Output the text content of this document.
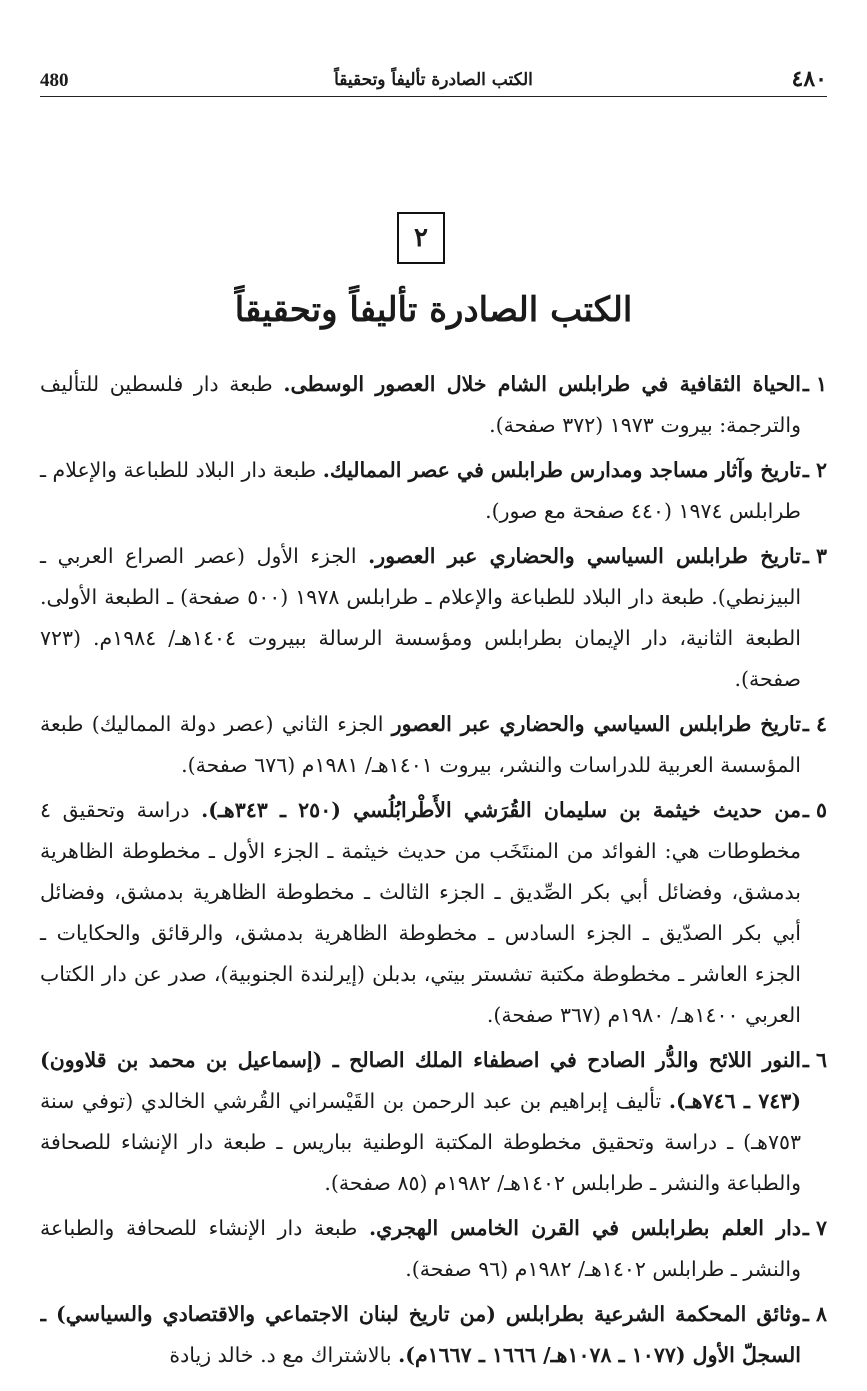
480	الكتب الصادرة تأليفاً وتحقيقاً	٤٨٠
٢
الكتب الصادرة تأليفاً وتحقيقاً

١ ـ
الحياة الثقافية في طرابلس الشام خلال العصور الوسطى. طبعة دار فلسطين للتأليف والترجمة: بيروت ١٩٧٣ (٣٧٢ صفحة).

٢ ـ
تاريخ وآثار مساجد ومدارس طرابلس في عصر المماليك. طبعة دار البلاد للطباعة والإعلام ـ طرابلس ١٩٧٤ (٤٤٠ صفحة مع صور).

٣ ـ
تاريخ طرابلس السياسي والحضاري عبر العصور. الجزء الأول (عصر الصراع العربي ـ البيزنطي). طبعة دار البلاد للطباعة والإعلام ـ طرابلس ١٩٧٨ (٥٠٠ صفحة) ـ الطبعة الأولى. الطبعة الثانية، دار الإيمان بطرابلس ومؤسسة الرسالة ببيروت ١٤٠٤هـ/ ١٩٨٤م. (٧٢٣ صفحة).

٤ ـ
تاريخ طرابلس السياسي والحضاري عبر العصور الجزء الثاني (عصر دولة المماليك) طبعة المؤسسة العربية للدراسات والنشر، بيروت ١٤٠١هـ/ ١٩٨١م (٦٧٦ صفحة).

٥ ـ
من حديث خيثمة بن سليمان القُرَشي الأَطْرابُلُسي (٢٥٠ ـ ٣٤٣هـ). دراسة وتحقيق ٤ مخطوطات هي: الفوائد من المنتَخَب من حديث خيثمة ـ الجزء الأول ـ مخطوطة الظاهرية بدمشق، وفضائل أبي بكر الصِّديق ـ الجزء الثالث ـ مخطوطة الظاهرية بدمشق، وفضائل أبي بكر الصدّيق ـ الجزء السادس ـ مخطوطة الظاهرية بدمشق، والرقائق والحكايات ـ الجزء العاشر ـ مخطوطة مكتبة تشستر بيتي، بدبلن (إيرلندة الجنوبية)، صدر عن دار الكتاب العربي ١٤٠٠هـ/ ١٩٨٠م (٣٦٧ صفحة).

٦ ـ
النور اللائح والدُّر الصادح في اصطفاء الملك الصالح ـ (إسماعيل بن محمد بن قلاوون) (٧٤٣ ـ ٧٤٦هـ). تأليف إبراهيم بن عبد الرحمن بن القَيْسراني القُرشي الخالدي (توفي سنة ٧٥٣هـ) ـ دراسة وتحقيق مخطوطة المكتبة الوطنية بباريس ـ طبعة دار الإنشاء للصحافة والطباعة والنشر ـ طرابلس ١٤٠٢هـ/ ١٩٨٢م (٨٥ صفحة).

٧ ـ
دار العلم بطرابلس في القرن الخامس الهجري. طبعة دار الإنشاء للصحافة والطباعة والنشر ـ طرابلس ١٤٠٢هـ/ ١٩٨٢م (٩٦ صفحة).

٨ ـ
وثائق المحكمة الشرعية بطرابلس (من تاريخ لبنان الاجتماعي والاقتصادي والسياسي) ـ السجلّ الأول (١٠٧٧ ـ ١٠٧٨هـ/ ١٦٦٦ ـ ١٦٦٧م). بالاشتراك مع د. خالد زيادة
